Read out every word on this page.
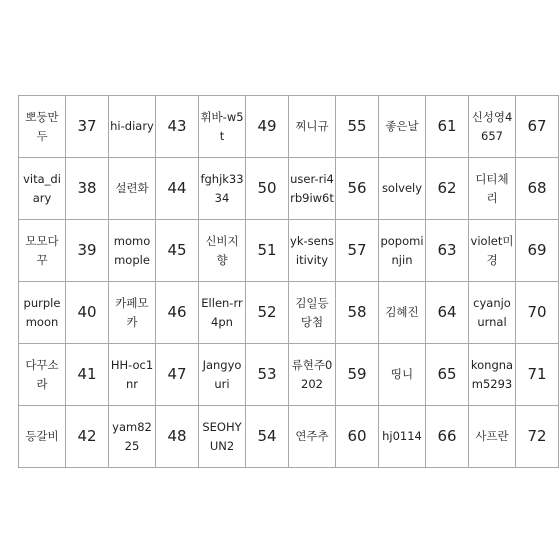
뽀둥만두	37	hi-diary	43	휘바-w5t	49	찌니규	55	좋은날	61	신성영4657	67
vita_diary	38	설련화	44	fghjk3334	50	user-ri4rb9iw6t	56	solvely	62	디티체리	68
모모다꾸	39	momomople	45	신비지향	51	yk-sensitivity	57	popominjin	63	violet미경	69
purplemoon	40	카페모카	46	Ellen-rr4pn	52	김일등당첨	58	김혜진	64	cyanjournal	70
다꾸소라	41	HH-oc1nr	47	Jangyouri	53	류현주0202	59	띵니	65	kongnam5293	71
등갈비	42	yam8225	48	SEOHYUN2	54	연주추	60	hj0114	66	사프란	72
